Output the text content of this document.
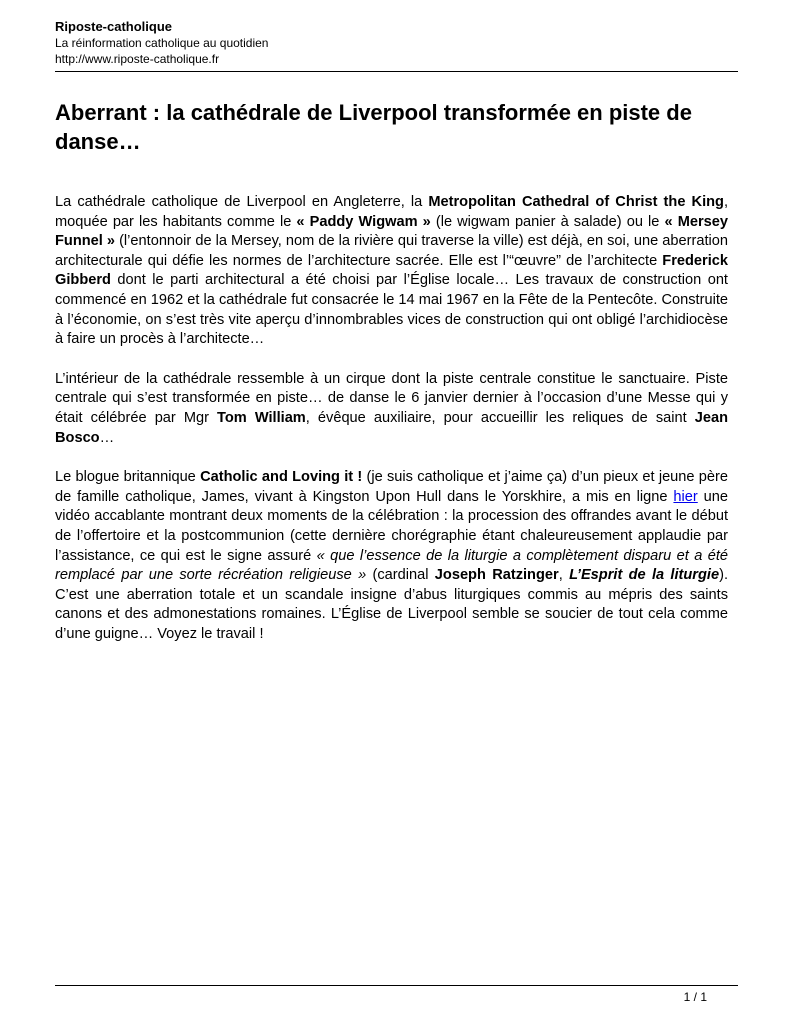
Riposte-catholique
La réinformation catholique au quotidien
http://www.riposte-catholique.fr
Aberrant : la cathédrale de Liverpool transformée en piste de danse…

La cathédrale catholique de Liverpool en Angleterre, la Metropolitan Cathedral of Christ the King, moquée par les habitants comme le « Paddy Wigwam » (le wigwam panier à salade) ou le « Mersey Funnel » (l’entonnoir de la Mersey, nom de la rivière qui traverse la ville) est déjà, en soi, une aberration architecturale qui défie les normes de l’architecture sacrée. Elle est l’“œuvre” de l’architecte Frederick Gibberd dont le parti architectural a été choisi par l’Église locale… Les travaux de construction ont commencé en 1962 et la cathédrale fut consacrée le 14 mai 1967 en la Fête de la Pentecôte. Construite à l’économie, on s’est très vite aperçu d’innombrables vices de construction qui ont obligé l’archidiocèse à faire un procès à l’architecte…

L’intérieur de la cathédrale ressemble à un cirque dont la piste centrale constitue le sanctuaire. Piste centrale qui s’est transformée en piste… de danse le 6 janvier dernier à l’occasion d’une Messe qui y était célébrée par Mgr Tom William, évêque auxiliaire, pour accueillir les reliques de saint Jean Bosco…

Le blogue britannique Catholic and Loving it ! (je suis catholique et j’aime ça) d’un pieux et jeune père de famille catholique, James, vivant à Kingston Upon Hull dans le Yorskhire, a mis en ligne hier une vidéo accablante montrant deux moments de la célébration : la procession des offrandes avant le début de l’offertoire et la postcommunion (cette dernière chorégraphie étant chaleureusement applaudie par l’assistance, ce qui est le signe assuré « que l’essence de la liturgie a complètement disparu et a été remplacé par une sorte récréation religieuse » (cardinal Joseph Ratzinger, L’Esprit de la liturgie). C’est une aberration totale et un scandale insigne d’abus liturgiques commis au mépris des saints canons et des admonestations romaines. L’Église de Liverpool semble se soucier de tout cela comme d’une guigne… Voyez le travail !

1 / 1
